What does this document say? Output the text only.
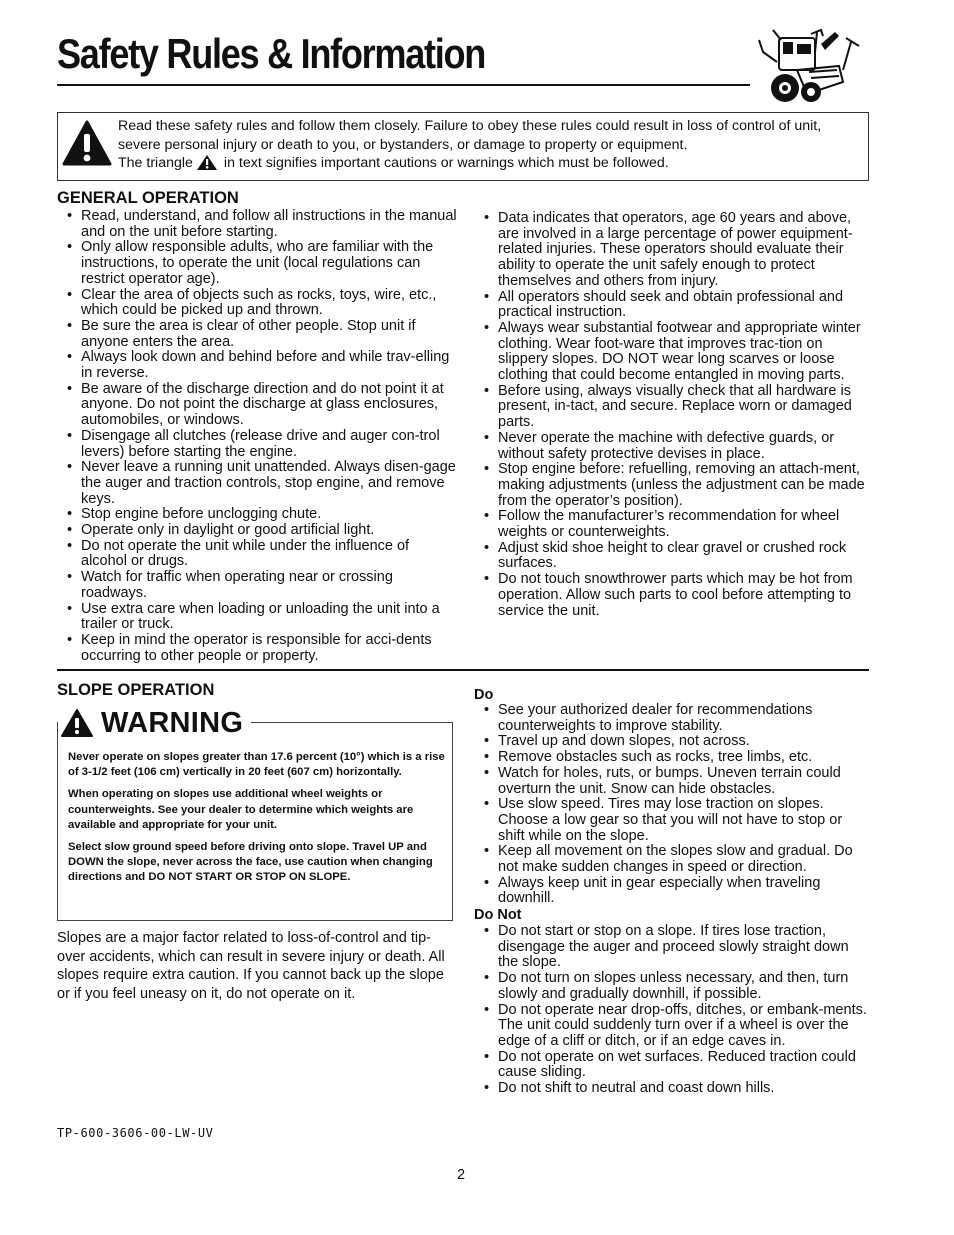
Safety Rules & Information
Read these safety rules and follow them closely. Failure to obey these rules could result in loss of control of unit, severe personal injury or death to you, or bystanders, or damage to property or equipment.
The triangle in text signifies important cautions or warnings which must be followed.
GENERAL OPERATION
• Read, understand, and follow all instructions in the manual and on the unit before starting.
• Only allow responsible adults, who are familiar with the instructions, to operate the unit (local regulations can restrict operator age).
• Clear the area of objects such as rocks, toys, wire, etc., which could be picked up and thrown.
• Be sure the area is clear of other people. Stop unit if anyone enters the area.
• Always look down and behind before and while trav-elling in reverse.
• Be aware of the discharge direction and do not point it at anyone. Do not point the discharge at glass enclosures, automobiles, or windows.
• Disengage all clutches (release drive and auger con-trol levers) before starting the engine.
• Never leave a running unit unattended. Always disen-gage the auger and traction controls, stop engine, and remove keys.
• Stop engine before unclogging chute.
• Operate only in daylight or good artificial light.
• Do not operate the unit while under the influence of alcohol or drugs.
• Watch for traffic when operating near or crossing roadways.
• Use extra care when loading or unloading the unit into a trailer or truck.
• Keep in mind the operator is responsible for acci-dents occurring to other people or property.
• Data indicates that operators, age 60 years and above, are involved in a large percentage of power equipment-related injuries. These operators should evaluate their ability to operate the unit safely enough to protect themselves and others from injury.
• All operators should seek and obtain professional and practical instruction.
• Always wear substantial footwear and appropriate winter clothing. Wear foot-ware that improves trac-tion on slippery slopes. DO NOT wear long scarves or loose clothing that could become entangled in moving parts.
• Before using, always visually check that all hardware is present, in-tact, and secure. Replace worn or damaged parts.
• Never operate the machine with defective guards, or without safety protective devises in place.
• Stop engine before: refuelling, removing an attach-ment, making adjustments (unless the adjustment can be made from the operator’s position).
• Follow the manufacturer’s recommendation for wheel weights or counterweights.
• Adjust skid shoe height to clear gravel or crushed rock surfaces.
• Do not touch snowthrower parts which may be hot from operation. Allow such parts to cool before attempting to service the unit.
SLOPE OPERATION
WARNING

Never operate on slopes greater than 17.6 percent (10°) which is a rise of 3-1/2 feet (106 cm) vertically in 20 feet (607 cm) horizontally.

When operating on slopes use additional wheel weights or counterweights. See your dealer to determine which weights are available and appropriate for your unit.

Select slow ground speed before driving onto slope. Travel UP and DOWN the slope, never across the face, use caution when changing directions and DO NOT START OR STOP ON SLOPE.

Slopes are a major factor related to loss-of-control and tip-over accidents, which can result in severe injury or death. All slopes require extra caution. If you cannot back up the slope or if you feel uneasy on it, do not operate on it.
Do
• See your authorized dealer for recommendations counterweights to improve stability.
• Travel up and down slopes, not across.
• Remove obstacles such as rocks, tree limbs, etc.
• Watch for holes, ruts, or bumps. Uneven terrain could overturn the unit. Snow can hide obstacles.
• Use slow speed. Tires may lose traction on slopes. Choose a low gear so that you will not have to stop or shift while on the slope.
• Keep all movement on the slopes slow and gradual. Do not make sudden changes in speed or direction.
• Always keep unit in gear especially when traveling downhill.
Do Not
• Do not start or stop on a slope. If tires lose traction, disengage the auger and proceed slowly straight down the slope.
• Do not turn on slopes unless necessary, and then, turn slowly and gradually downhill, if possible.
• Do not operate near drop-offs, ditches, or embank-ments. The unit could suddenly turn over if a wheel is over the edge of a cliff or ditch, or if an edge caves in.
• Do not operate on wet surfaces. Reduced traction could cause sliding.
• Do not shift to neutral and coast down hills.
TP-600-3606-00-LW-UV
2
